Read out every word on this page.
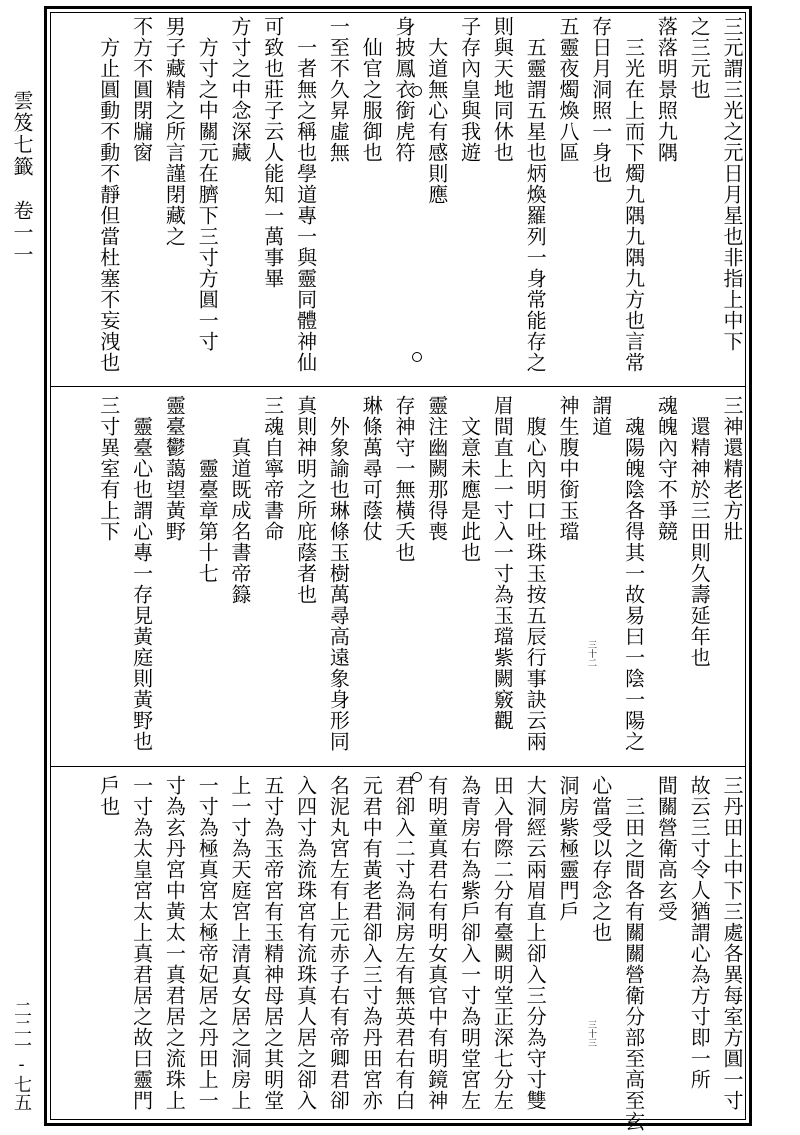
雲笈七籤
卷一一
二二一-七五
三元謂三光之元日月星也非指上中下
之三元也
落落明景照九隅
三光在上而下燭九隅九隅九方也言常
存日月洞照一身也
五靈夜燭煥八區
五靈謂五星也炳煥羅列一身常能存之
則與天地同休也
子存內皇與我遊
大道無心有感則應
身披鳳衣銜虎符
仙官之服御也
一至不久昇虛無
一者無之稱也學道專一與靈同體神仙
可致也莊子云人能知一萬事畢
方寸之中念深藏
方寸之中關元在臍下三寸方圓一寸
男子藏精之所言謹閉藏之
不方不圓閉牖窗
方止圓動不動不靜但當杜塞不妄洩也
三神還精老方壯
還精神於三田則久壽延年也
魂魄內守不爭競
魂陽魄陰各得其一故易曰一陰一陽之
謂道
神生腹中銜玉璫
腹心內明口吐珠玉按五辰行事訣云兩
眉間直上一寸入一寸為玉璫紫闕竅觀
文意未應是此也
靈注幽闕那得喪
存神守一無橫夭也
琳條萬尋可蔭仗
外象諭也琳條玉樹萬尋高遠象身形同
真則神明之所庇蔭者也
三魂自寧帝書命
真道既成名書帝籙
靈臺章第十七
靈臺鬱藹望黃野
靈臺心也謂心專一存見黃庭則黃野也
三寸異室有上下
三十二
三丹田上中下三處各異每室方圓一寸
故云三寸令人猶謂心為方寸即一所
間關營衛高玄受
三田之間各有關關營衛分部至高至玄
心當受以存念之也
洞房紫極靈門戶
大洞經云兩眉直上卻入三分為守寸雙
田入骨際二分有臺闕明堂正深七分左
為青房右為紫戶卻入一寸為明堂宮左
有明童真君右有明女真官中有明鏡神
君卻入二寸為洞房左有無英君右有白
元君中有黃老君卻入三寸為丹田宮亦
名泥丸宮左有上元赤子右有帝卿君卻
入四寸為流珠宮有流珠真人居之卻入
五寸為玉帝宮有玉精神母居之其明堂
上一寸為天庭宮上清真女居之洞房上
一寸為極真宮太極帝妃居之丹田上一
寸為玄丹宮中黃太一真君居之流珠上
一寸為太皇宮太上真君居之故曰靈門
戶也
三十三
